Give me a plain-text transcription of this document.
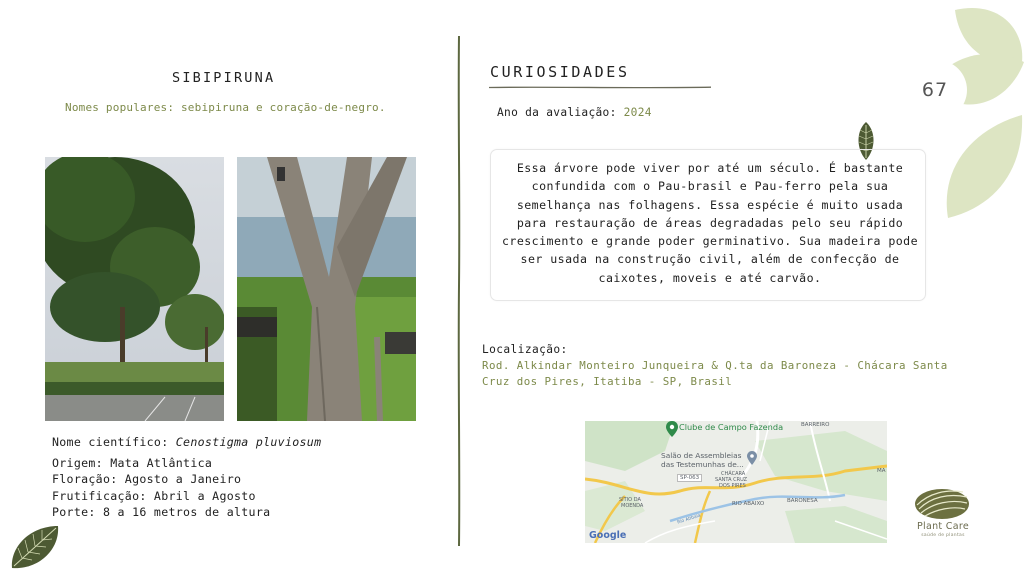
67
SIBIPIRUNA
Nomes populares: sebipiruna e coração-de-negro.
Nome científico: Cenostigma pluviosum
Origem: Mata Atlântica
Floração: Agosto a Janeiro
Frutificação: Abril a Agosto
Porte: 8 a 16 metros de altura
CURIOSIDADES
Ano da avaliação: 2024
Essa árvore pode viver por até um século. É bastante confundida com o Pau-brasil e Pau-ferro pela sua semelhança nas folhagens. Essa espécie é muito usada para restauração de áreas degradadas pelo seu rápido crescimento e grande poder germinativo. Sua madeira pode ser usada na construção civil, além de confecção de caixotes, moveis e até carvão.
Localização:
Rod. Alkindar Monteiro Junqueira & Q.ta da Baroneza - Chácara Santa Cruz dos Pires, Itatiba - SP, Brasil
Clube de Campo Fazenda	BARREIRO
Salão de Assembleias
das Testemunhas de...
SP-063
CHÁCARA
SANTA CRUZ
DOS PIRES
SÍTIO DA
MOENDA	RIO ABAIXO	BARONESA
Rio Atibaia
MA
Google
Plant Care
saúde de plantas
